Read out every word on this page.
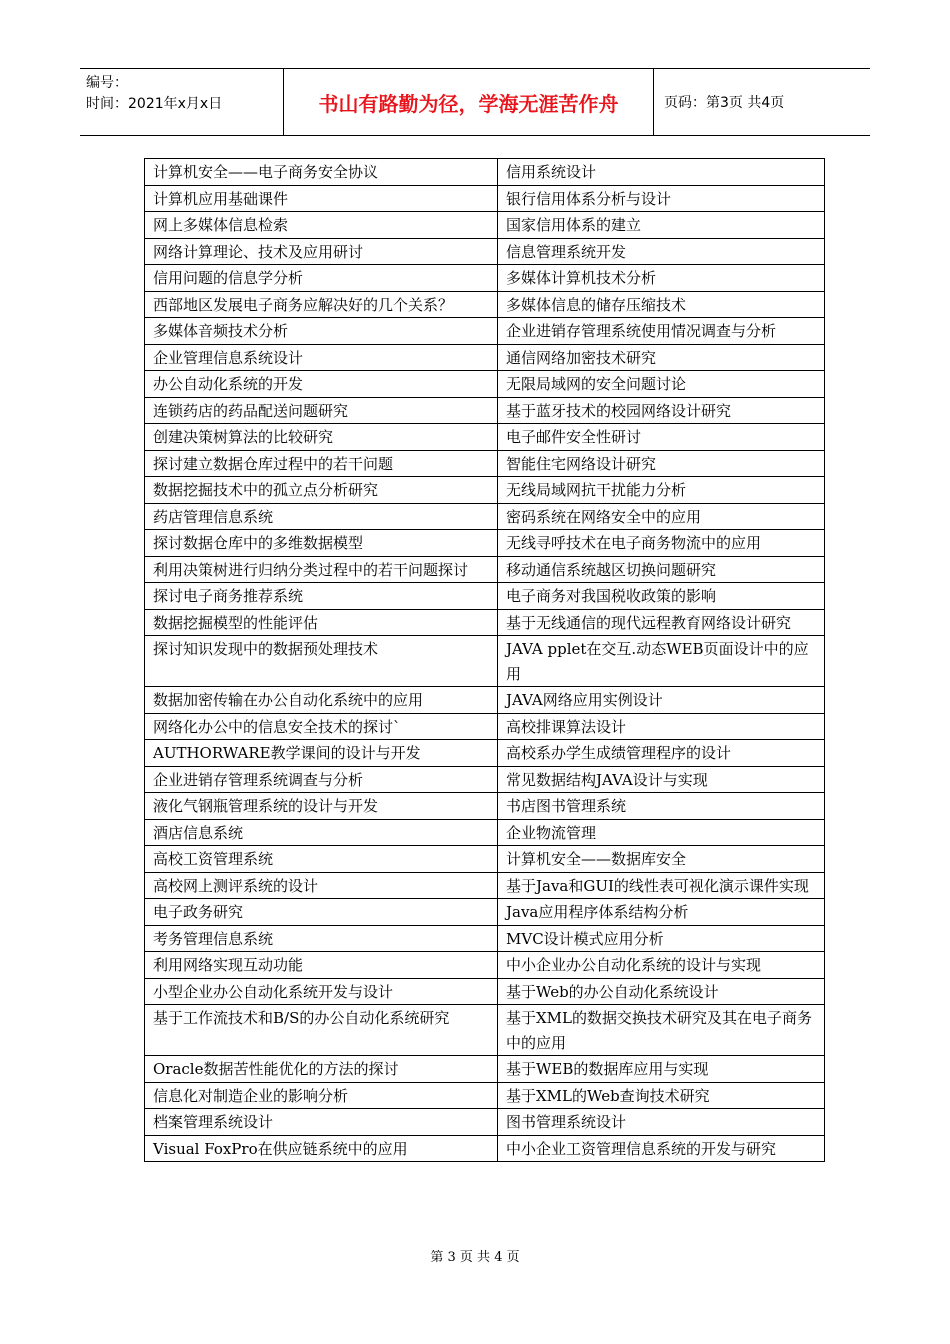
编号：
时间：2021年x月x日	书山有路勤为径，学海无涯苦作舟	页码：第3页 共4页
计算机安全——电子商务安全协议	信用系统设计
计算机应用基础课件	银行信用体系分析与设计
网上多媒体信息检索	国家信用体系的建立
网络计算理论、技术及应用研讨	信息管理系统开发
信用问题的信息学分析	多媒体计算机技术分析
西部地区发展电子商务应解决好的几个关系？	多媒体信息的储存压缩技术
多媒体音频技术分析	企业进销存管理系统使用情况调查与分析
企业管理信息系统设计	通信网络加密技术研究
办公自动化系统的开发	无限局域网的安全问题讨论
连锁药店的药品配送问题研究	基于蓝牙技术的校园网络设计研究
创建决策树算法的比较研究	电子邮件安全性研讨
探讨建立数据仓库过程中的若干问题	智能住宅网络设计研究
数据挖掘技术中的孤立点分析研究	无线局域网抗干扰能力分析
药店管理信息系统	密码系统在网络安全中的应用
探讨数据仓库中的多维数据模型	无线寻呼技术在电子商务物流中的应用
利用决策树进行归纳分类过程中的若干问题探讨	移动通信系统越区切换问题研究
探讨电子商务推荐系统	电子商务对我国税收政策的影响
数据挖掘模型的性能评估	基于无线通信的现代远程教育网络设计研究
探讨知识发现中的数据预处理技术	JAVA pplet在交互.动态WEB页面设计中的应用
数据加密传输在办公自动化系统中的应用	JAVA网络应用实例设计
网络化办公中的信息安全技术的探讨`	高校排课算法设计
AUTHORWARE教学课间的设计与开发	高校系办学生成绩管理程序的设计
企业进销存管理系统调查与分析	常见数据结构JAVA设计与实现
液化气钢瓶管理系统的设计与开发	书店图书管理系统
酒店信息系统	企业物流管理
高校工资管理系统	计算机安全——数据库安全
高校网上测评系统的设计	基于Java和GUI的线性表可视化演示课件实现
电子政务研究	Java应用程序体系结构分析
考务管理信息系统	MVC设计模式应用分析
利用网络实现互动功能	中小企业办公自动化系统的设计与实现
小型企业办公自动化系统开发与设计	基于Web的办公自动化系统设计
基于工作流技术和B/S的办公自动化系统研究	基于XML的数据交换技术研究及其在电子商务中的应用
Oracle数据苦性能优化的方法的探讨	基于WEB的数据库应用与实现
信息化对制造企业的影响分析	基于XML的Web查询技术研究
档案管理系统设计	图书管理系统设计
Visual FoxPro在供应链系统中的应用	中小企业工资管理信息系统的开发与研究
第 3 页 共 4 页
